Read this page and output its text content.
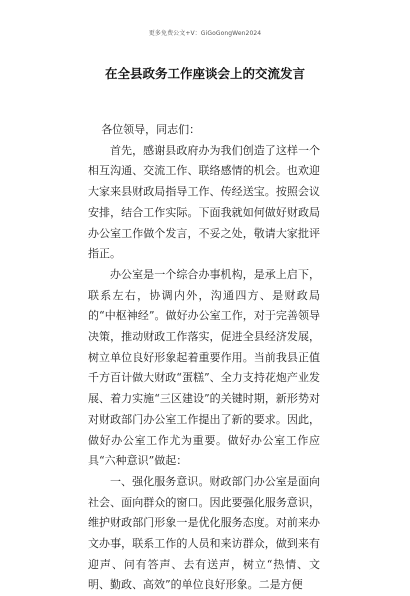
更多免费公文+V：GiGoGongWen2024
在全县政务工作座谈会上的交流发言

各位领导，同志们：

首先，感谢县政府办为我们创造了这样一个相互沟通、交流工作、联络感情的机会。也欢迎大家来县财政局指导工作、传经送宝。按照会议安排，结合工作实际。下面我就如何做好财政局办公室工作做个发言，不妥之处，敬请大家批评指正。

办公室是一个综合办事机构，是承上启下，联系左右，协调内外，沟通四方、是财政局的“中枢神经”。做好办公室工作，对于完善领导决策，推动财政工作落实，促进全县经济发展，树立单位良好形象起着重要作用。当前我县正值千方百计做大财政“蛋糕”、全力支持花炮产业发展、着力实施“三区建设”的关键时期，新形势对对财政部门办公室工作提出了新的要求。因此，做好办公室工作尤为重要。做好办公室工作应具“六种意识”做起：

一、强化服务意识。财政部门办公室是面向社会、面向群众的窗口。因此要强化服务意识，维护财政部门形象一是优化服务态度。对前来办文办事，联系工作的人员和来访群众，做到来有迎声、问有答声、去有送声，树立“热情、文明、勤政、高效”的单位良好形象。二是方便
